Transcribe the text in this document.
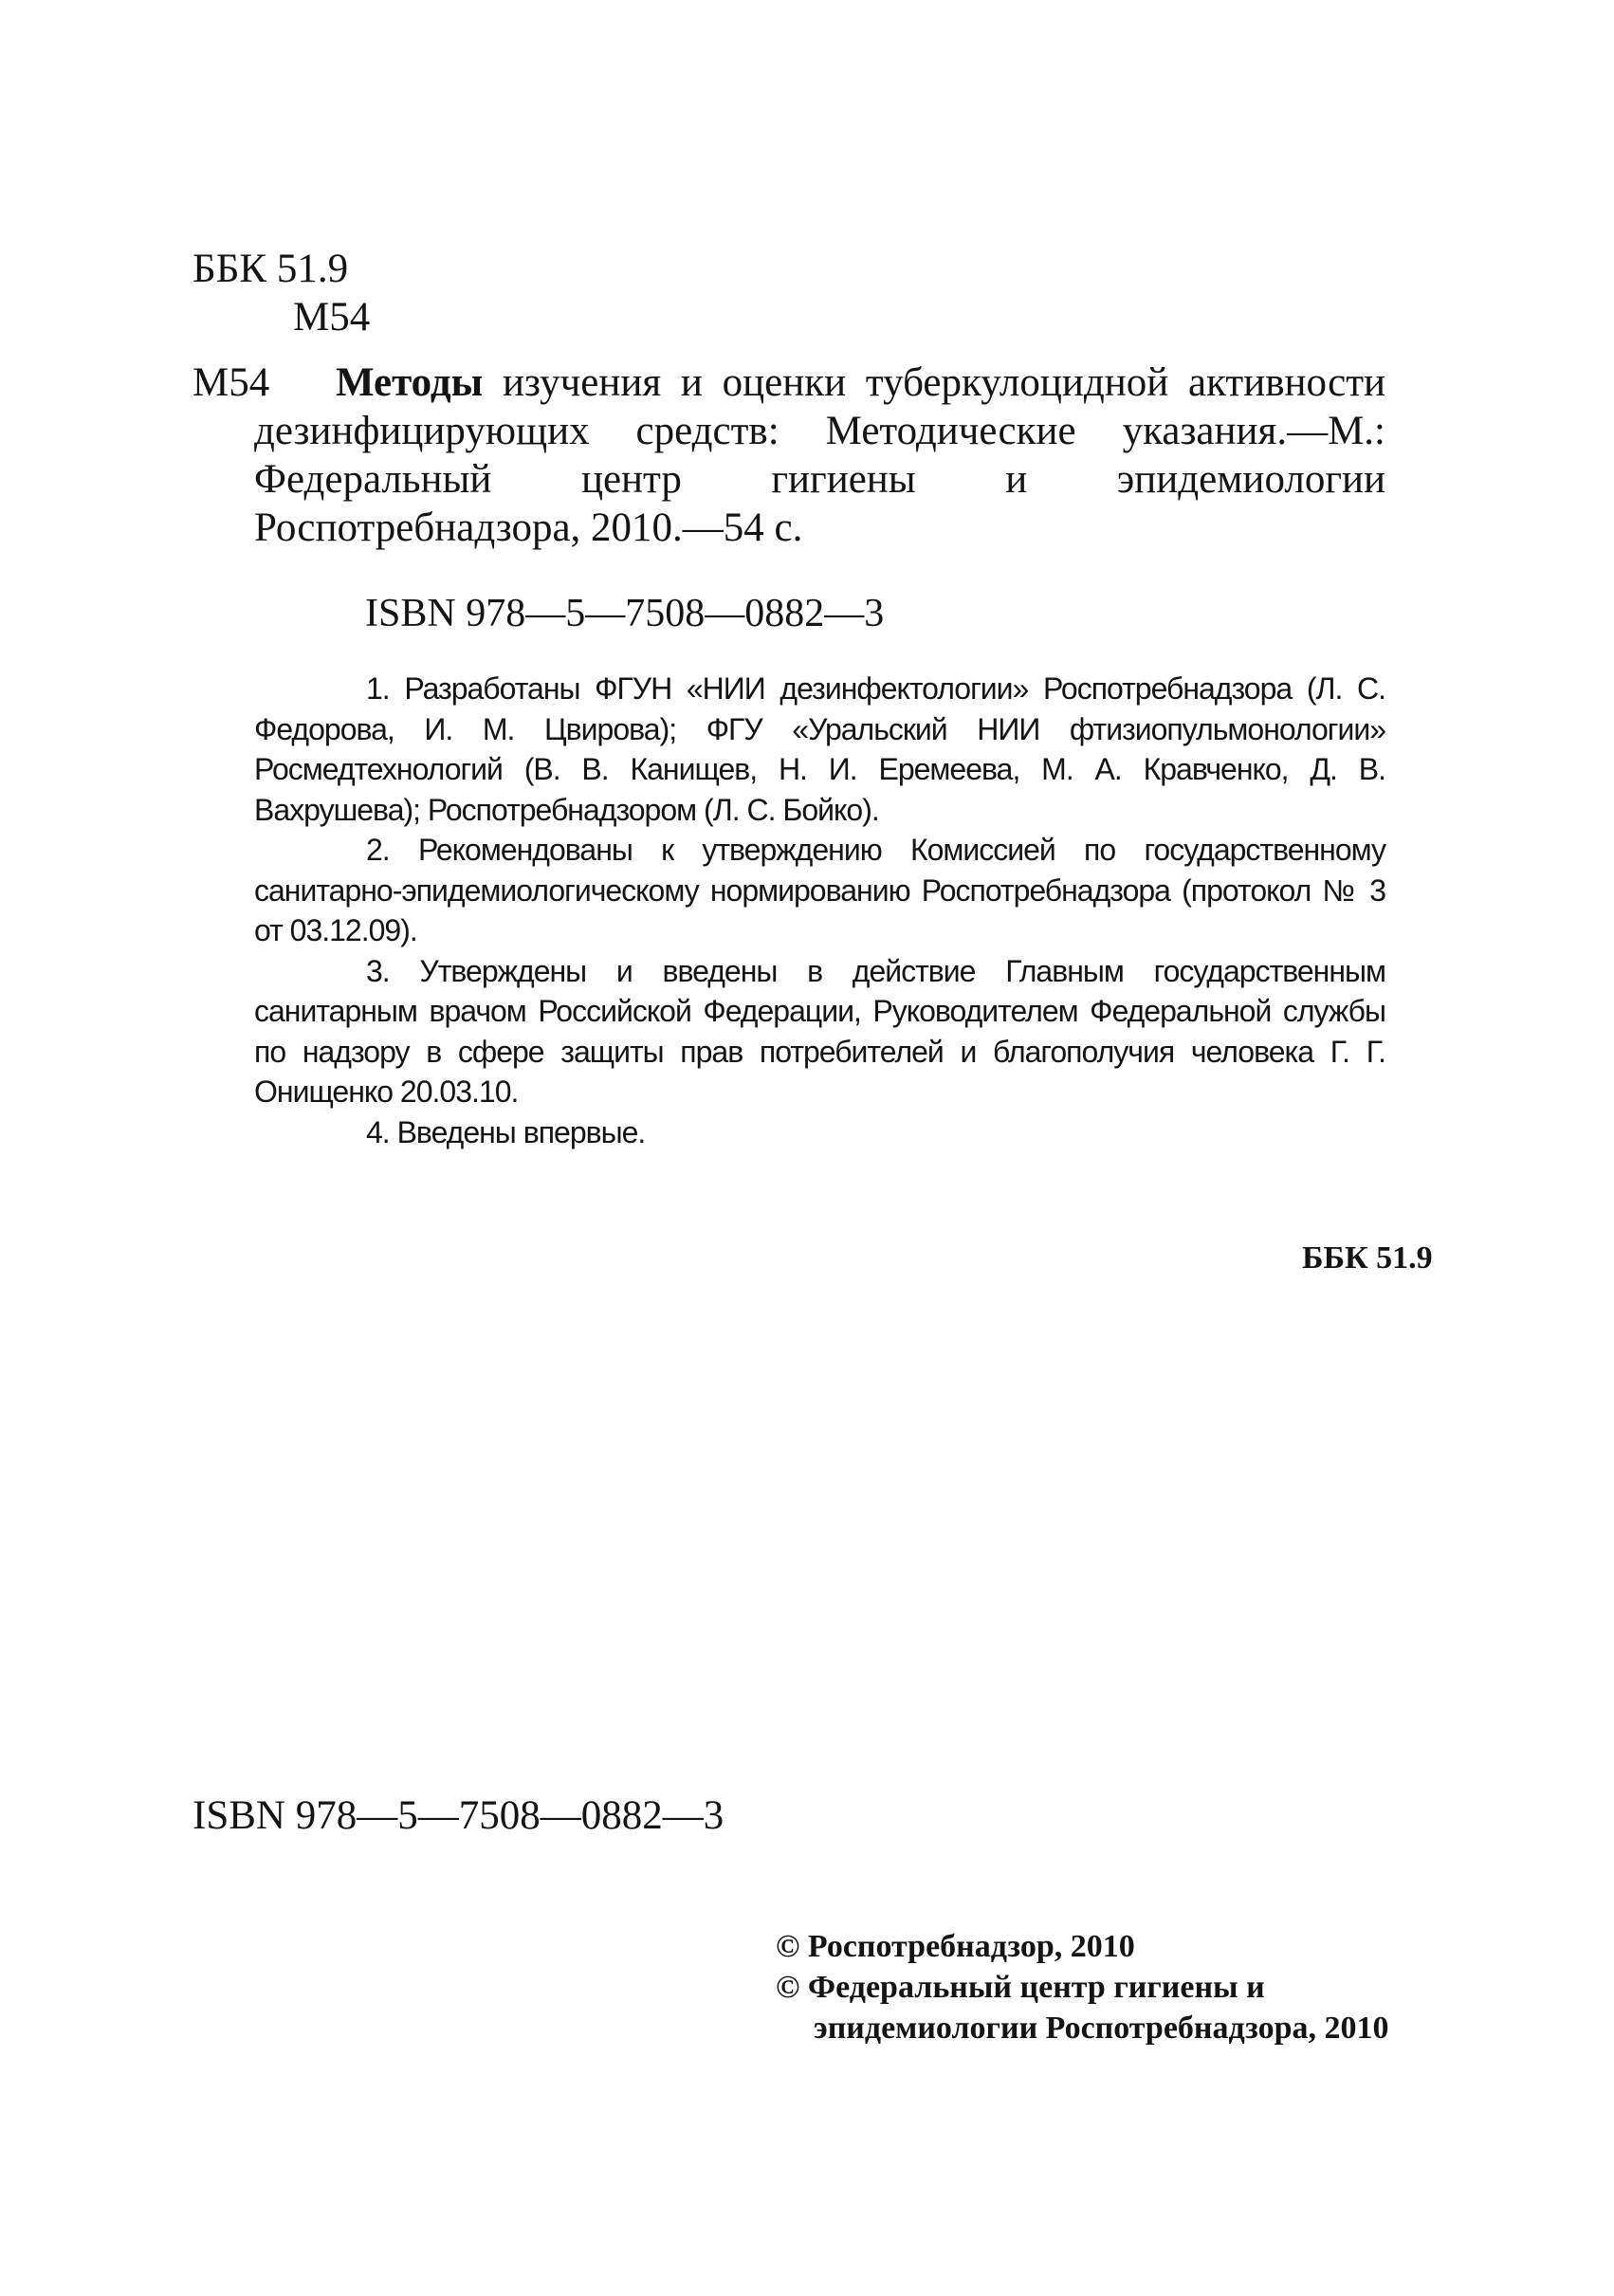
ББК 51.9
М54
М54	Методы изучения и оценки туберкулоцидной активности дезинфицирующих средств: Методические указания.—М.: Федеральный центр гигиены и эпидемиологии Роспотребнадзора, 2010.—54 с.
ISBN 978—5—7508—0882—3

1. Разработаны ФГУН «НИИ дезинфектологии» Роспотребнадзора (Л. С. Федорова, И. М. Цвирова); ФГУ «Уральский НИИ фтизиопульмонологии» Росмедтехнологий (В. В. Канищев, Н. И. Еремеева, М. А. Кравченко, Д. В. Вахрушева); Роспотребнадзором (Л. С. Бойко).

2. Рекомендованы к утверждению Комиссией по государственному санитарно-эпидемиологическому нормированию Роспотребнадзора (протокол № 3 от 03.12.09).

3. Утверждены и введены в действие Главным государственным санитарным врачом Российской Федерации, Руководителем Федеральной службы по надзору в сфере защиты прав потребителей и благополучия человека Г. Г. Онищенко 20.03.10.

4. Введены впервые.

ББК 51.9
ISBN 978—5—7508—0882—3
© Роспотребнадзор, 2010
© Федеральный центр гигиены и
эпидемиологии Роспотребнадзора, 2010
